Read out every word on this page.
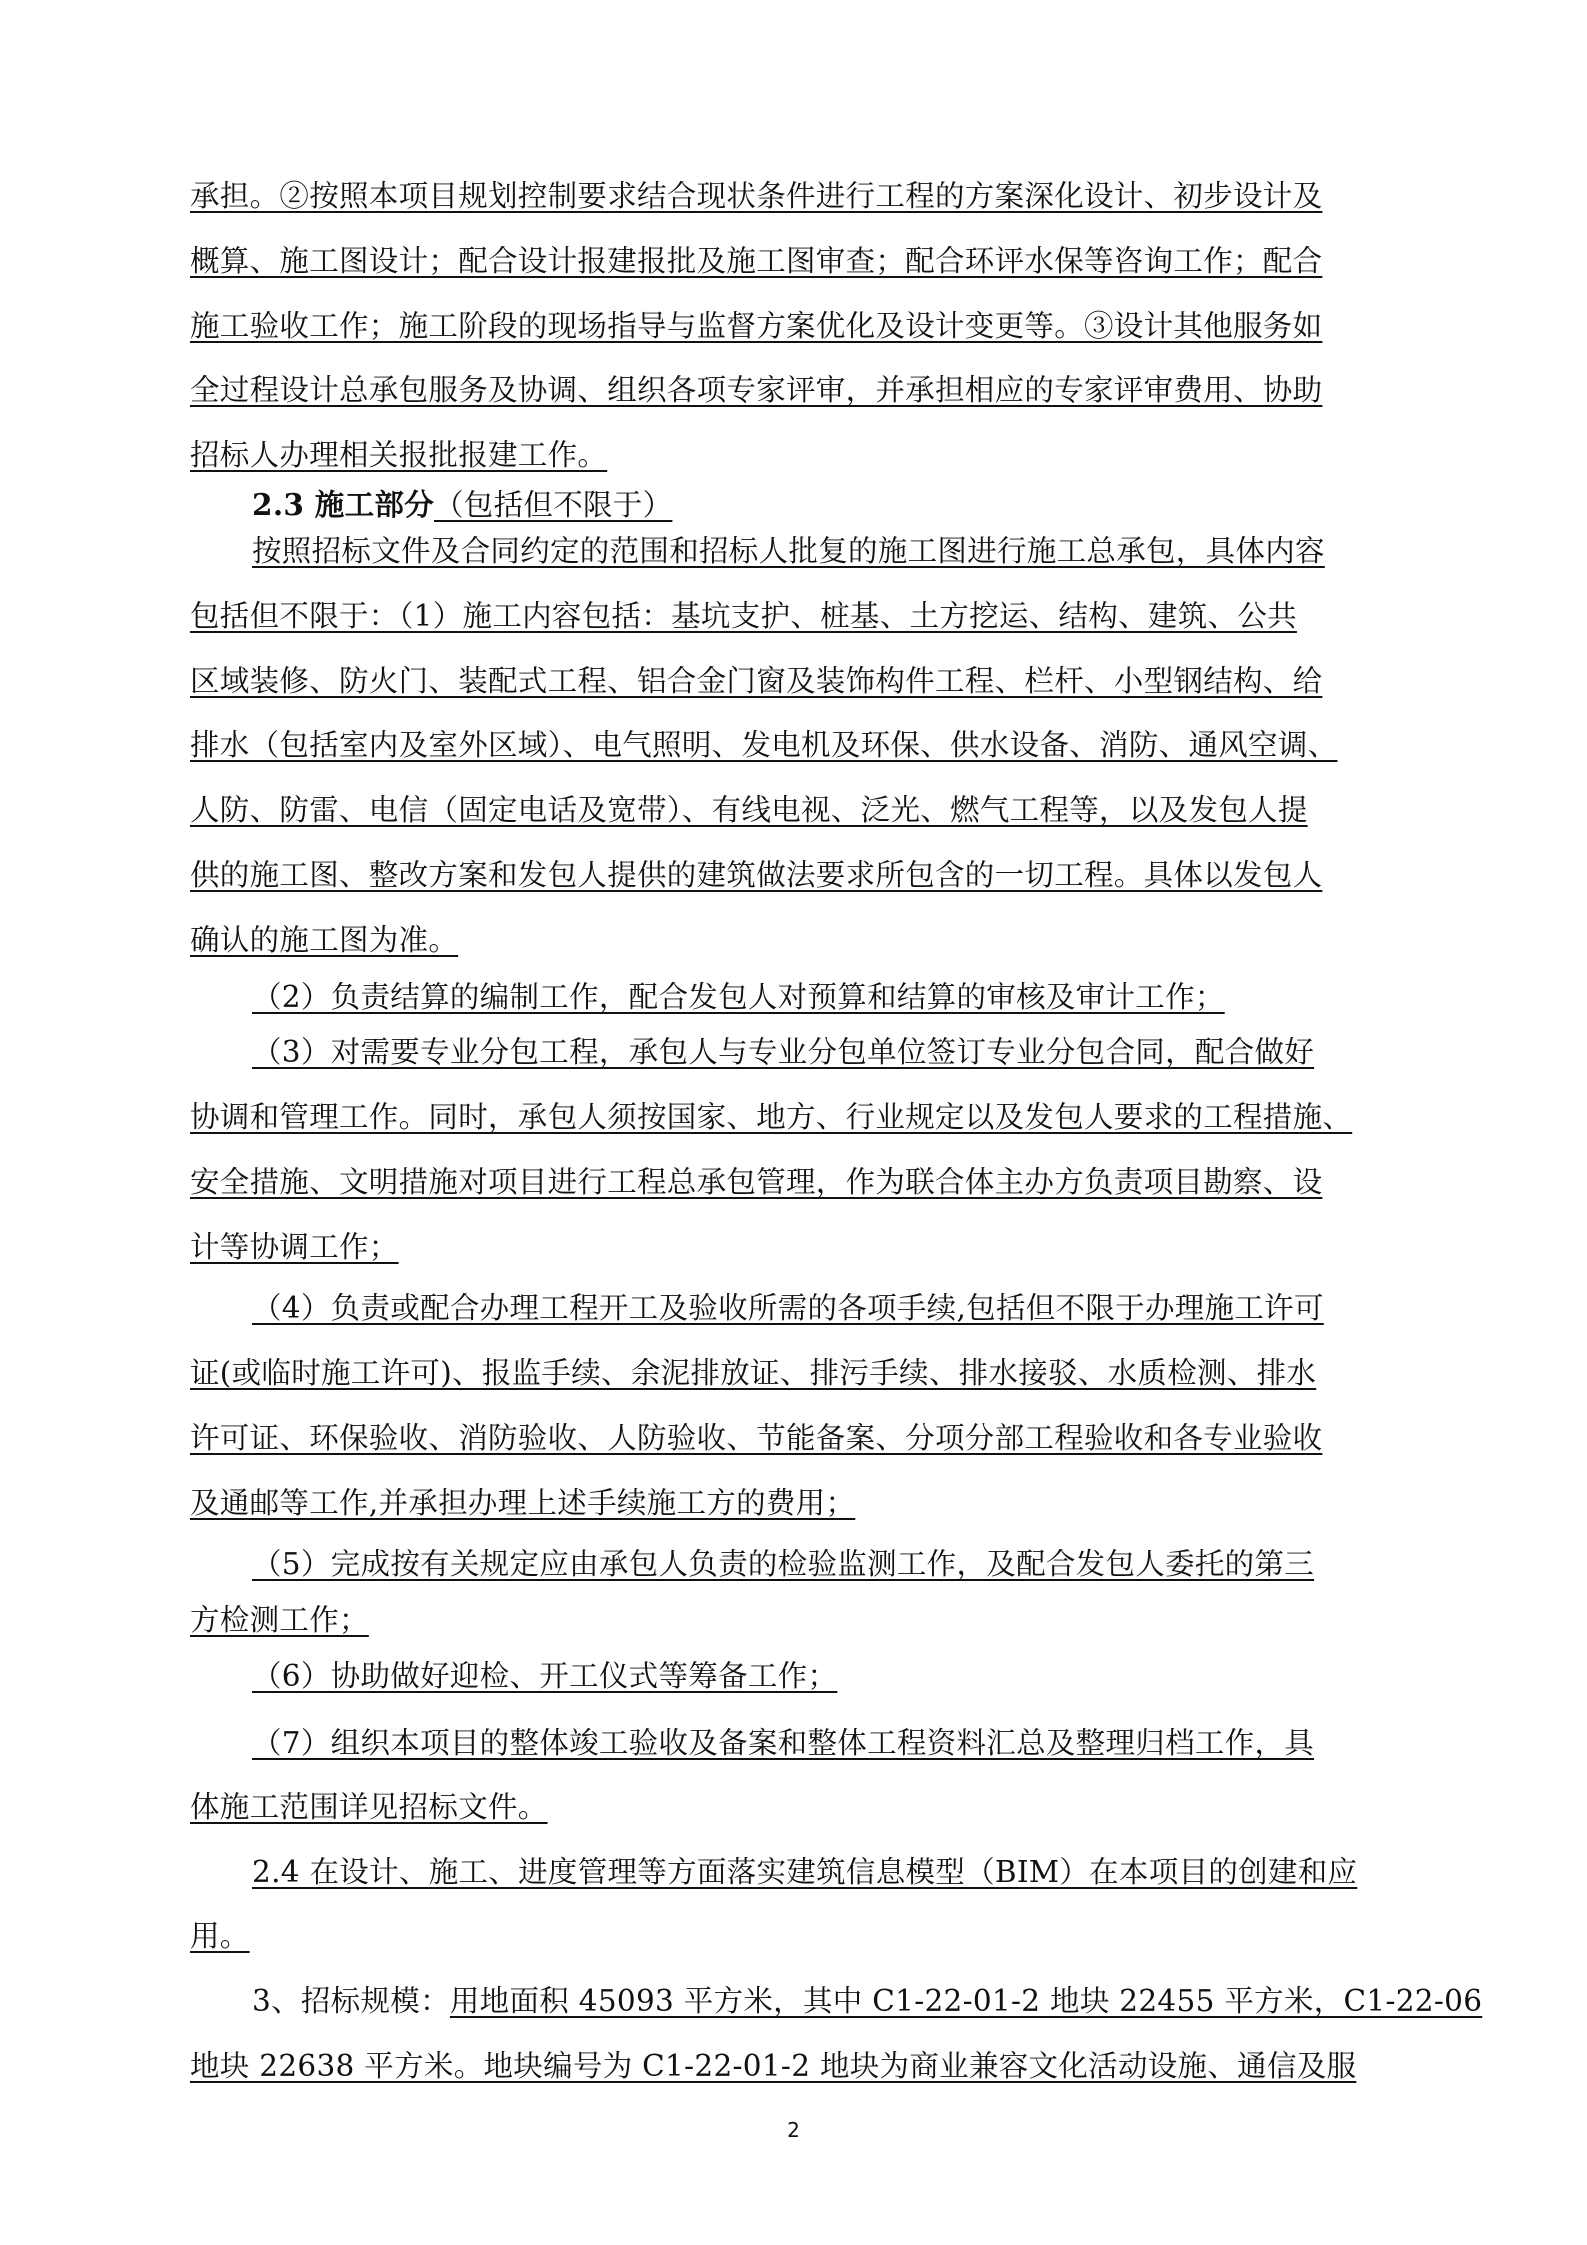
承担。②按照本项目规划控制要求结合现状条件进行工程的方案深化设计、初步设计及
概算、施工图设计；配合设计报建报批及施工图审查；配合环评水保等咨询工作；配合
施工验收工作；施工阶段的现场指导与监督方案优化及设计变更等。③设计其他服务如
全过程设计总承包服务及协调、组织各项专家评审，并承担相应的专家评审费用、协助
招标人办理相关报批报建工作。
2.3 施工部分（包括但不限于）
按照招标文件及合同约定的范围和招标人批复的施工图进行施工总承包，具体内容
包括但不限于：（1）施工内容包括：基坑支护、桩基、土方挖运、结构、建筑、公共
区域装修、防火门、装配式工程、铝合金门窗及装饰构件工程、栏杆、小型钢结构、给
排水（包括室内及室外区域）、电气照明、发电机及环保、供水设备、消防、通风空调、
人防、防雷、电信（固定电话及宽带）、有线电视、泛光、燃气工程等，以及发包人提
供的施工图、整改方案和发包人提供的建筑做法要求所包含的一切工程。具体以发包人
确认的施工图为准。
（2）负责结算的编制工作，配合发包人对预算和结算的审核及审计工作；
（3）对需要专业分包工程，承包人与专业分包单位签订专业分包合同，配合做好
协调和管理工作。同时，承包人须按国家、地方、行业规定以及发包人要求的工程措施、
安全措施、文明措施对项目进行工程总承包管理，作为联合体主办方负责项目勘察、设
计等协调工作；
（4）负责或配合办理工程开工及验收所需的各项手续,包括但不限于办理施工许可
证(或临时施工许可)、报监手续、余泥排放证、排污手续、排水接驳、水质检测、排水
许可证、环保验收、消防验收、人防验收、节能备案、分项分部工程验收和各专业验收
及通邮等工作,并承担办理上述手续施工方的费用；
（5）完成按有关规定应由承包人负责的检验监测工作，及配合发包人委托的第三
方检测工作；
（6）协助做好迎检、开工仪式等筹备工作；
（7）组织本项目的整体竣工验收及备案和整体工程资料汇总及整理归档工作，具
体施工范围详见招标文件。
2.4 在设计、施工、进度管理等方面落实建筑信息模型（BIM）在本项目的创建和应
用。
3、招标规模：用地面积 45093 平方米，其中 C1-22-01-2 地块 22455 平方米，C1-22-06
地块 22638 平方米。地块编号为 C1-22-01-2 地块为商业兼容文化活动设施、通信及服
2
